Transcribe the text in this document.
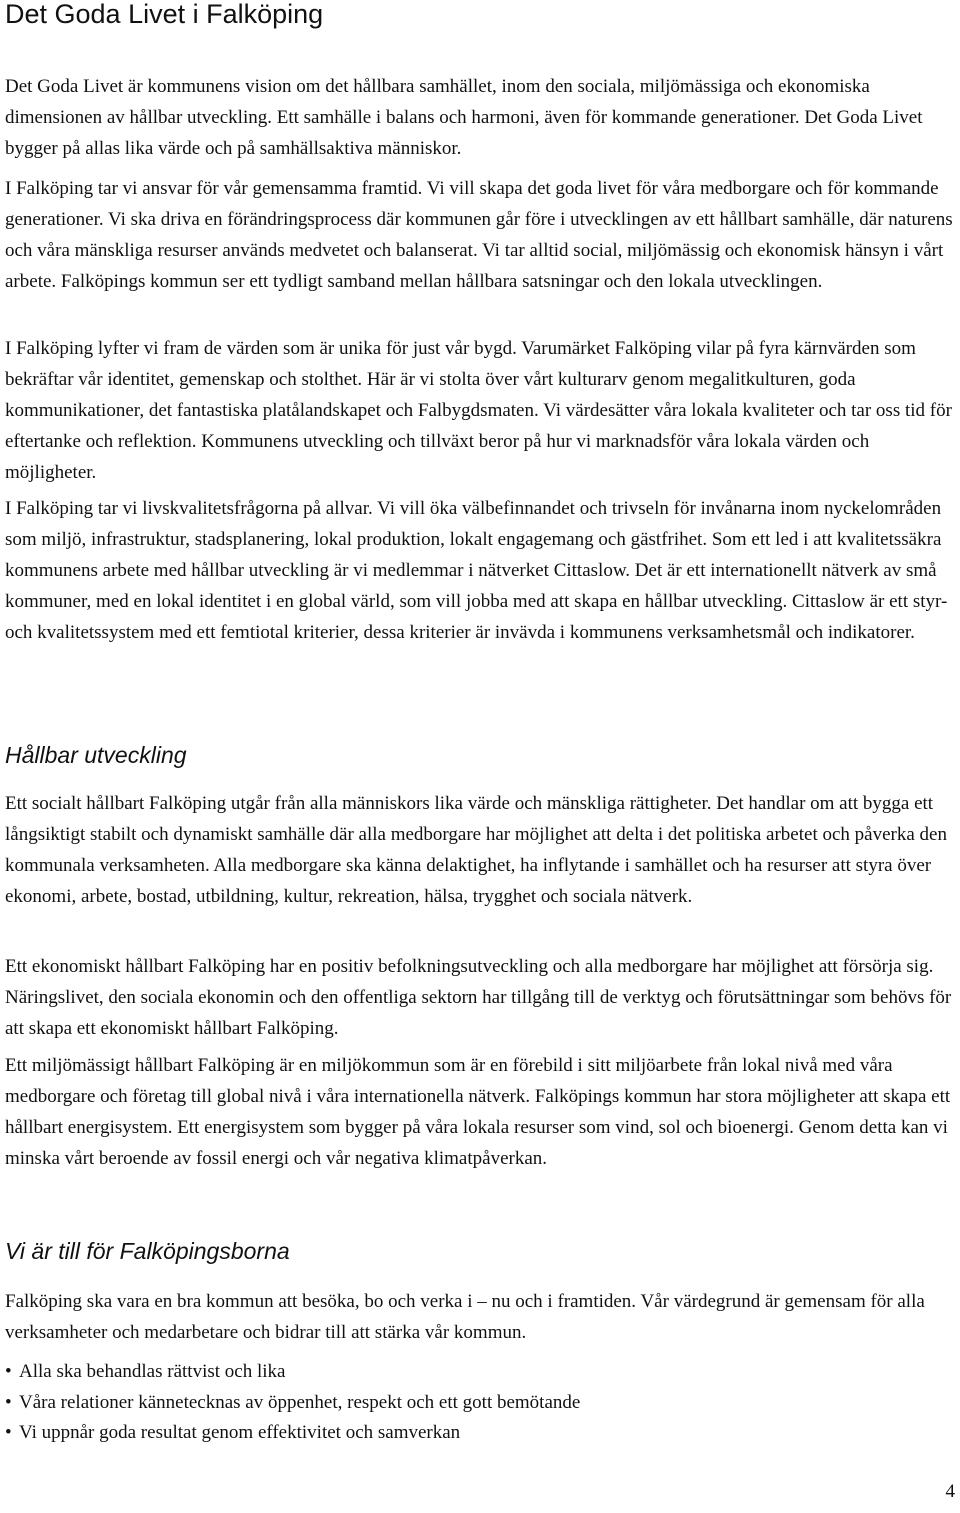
Det Goda Livet i Falköping

Det Goda Livet är kommunens vision om det hållbara samhället, inom den sociala, miljömässiga och ekonomiska dimensionen av hållbar utveckling. Ett samhälle i balans och harmoni, även för kommande generationer. Det Goda Livet bygger på allas lika värde och på samhällsaktiva människor.

I Falköping tar vi ansvar för vår gemensamma framtid. Vi vill skapa det goda livet för våra medborgare och för kommande generationer. Vi ska driva en förändringsprocess där kommunen går före i utvecklingen av ett hållbart samhälle, där naturens och våra mänskliga resurser används medvetet och balanserat. Vi tar alltid social, miljömässig och ekonomisk hänsyn i vårt arbete. Falköpings kommun ser ett tydligt samband mellan hållbara satsningar och den lokala utvecklingen.

I Falköping lyfter vi fram de värden som är unika för just vår bygd. Varumärket Falköping vilar på fyra kärnvärden som bekräftar vår identitet, gemenskap och stolthet. Här är vi stolta över vårt kulturarv genom megalitkulturen, goda kommunikationer, det fantastiska platålandskapet och Falbygdsmaten. Vi värdesätter våra lokala kvaliteter och tar oss tid för eftertanke och reflektion. Kommunens utveckling och tillväxt beror på hur vi marknadsför våra lokala värden och möjligheter.

I Falköping tar vi livskvalitetsfrågorna på allvar. Vi vill öka välbefinnandet och trivseln för invånarna inom nyckelområden som miljö, infrastruktur, stadsplanering, lokal produktion, lokalt engagemang och gästfrihet. Som ett led i att kvalitetssäkra kommunens arbete med hållbar utveckling är vi medlemmar i nätverket Cittaslow. Det är ett internationellt nätverk av små kommuner, med en lokal identitet i en global värld, som vill jobba med att skapa en hållbar utveckling. Cittaslow är ett styr- och kvalitetssystem med ett femtiotal kriterier, dessa kriterier är invävda i kommunens verksamhetsmål och indikatorer.

Hållbar utveckling

Ett socialt hållbart Falköping utgår från alla människors lika värde och mänskliga rättigheter. Det handlar om att bygga ett långsiktigt stabilt och dynamiskt samhälle där alla medborgare har möjlighet att delta i det politiska arbetet och påverka den kommunala verksamheten. Alla medborgare ska känna delaktighet, ha inflytande i samhället och ha resurser att styra över ekonomi, arbete, bostad, utbildning, kultur, rekreation, hälsa, trygghet och sociala nätverk.

Ett ekonomiskt hållbart Falköping har en positiv befolkningsutveckling och alla medborgare har möjlighet att försörja sig. Näringslivet, den sociala ekonomin och den offentliga sektorn har tillgång till de verktyg och förutsättningar som behövs för att skapa ett ekonomiskt hållbart Falköping.

Ett miljömässigt hållbart Falköping är en miljökommun som är en förebild i sitt miljöarbete från lokal nivå med våra medborgare och företag till global nivå i våra internationella nätverk. Falköpings kommun har stora möjligheter att skapa ett hållbart energisystem. Ett energisystem som bygger på våra lokala resurser som vind, sol och bioenergi. Genom detta kan vi minska vårt beroende av fossil energi och vår negativa klimatpåverkan.

Vi är till för Falköpingsborna

Falköping ska vara en bra kommun att besöka, bo och verka i – nu och i framtiden. Vår värdegrund är gemensam för alla verksamheter och medarbetare och bidrar till att stärka vår kommun.

• Alla ska behandlas rättvist och lika
• Våra relationer kännetecknas av öppenhet, respekt och ett gott bemötande
• Vi uppnår goda resultat genom effektivitet och samverkan
4
